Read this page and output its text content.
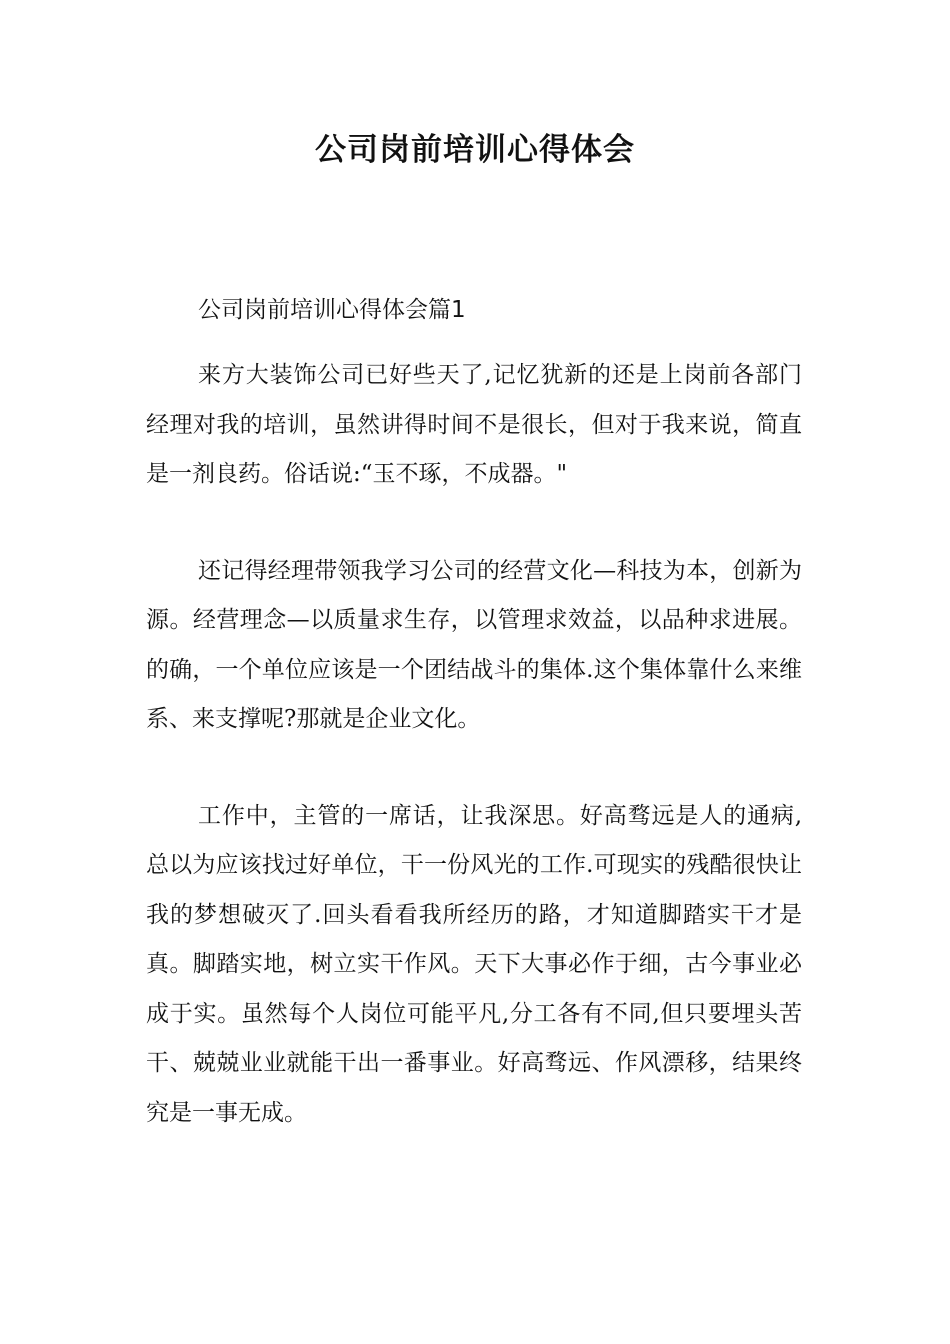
公司岗前培训心得体会

公司岗前培训心得体会篇1

来方大装饰公司已好些天了,记忆犹新的还是上岗前各部门经理对我的培训，虽然讲得时间不是很长，但对于我来说，简直是一剂良药。俗话说:“玉不琢，不成器。"

还记得经理带领我学习公司的经营文化—科技为本，创新为源。经营理念—以质量求生存，以管理求效益，以品种求进展。的确，一个单位应该是一个团结战斗的集体.这个集体靠什么来维系、来支撑呢?那就是企业文化。

工作中，主管的一席话，让我深思。好高骛远是人的通病,总以为应该找过好单位，干一份风光的工作.可现实的残酷很快让我的梦想破灭了.回头看看我所经历的路，才知道脚踏实干才是真。脚踏实地，树立实干作风。天下大事必作于细，古今事业必成于实。虽然每个人岗位可能平凡,分工各有不同,但只要埋头苦干、兢兢业业就能干出一番事业。好高骛远、作风漂移，结果终究是一事无成。
